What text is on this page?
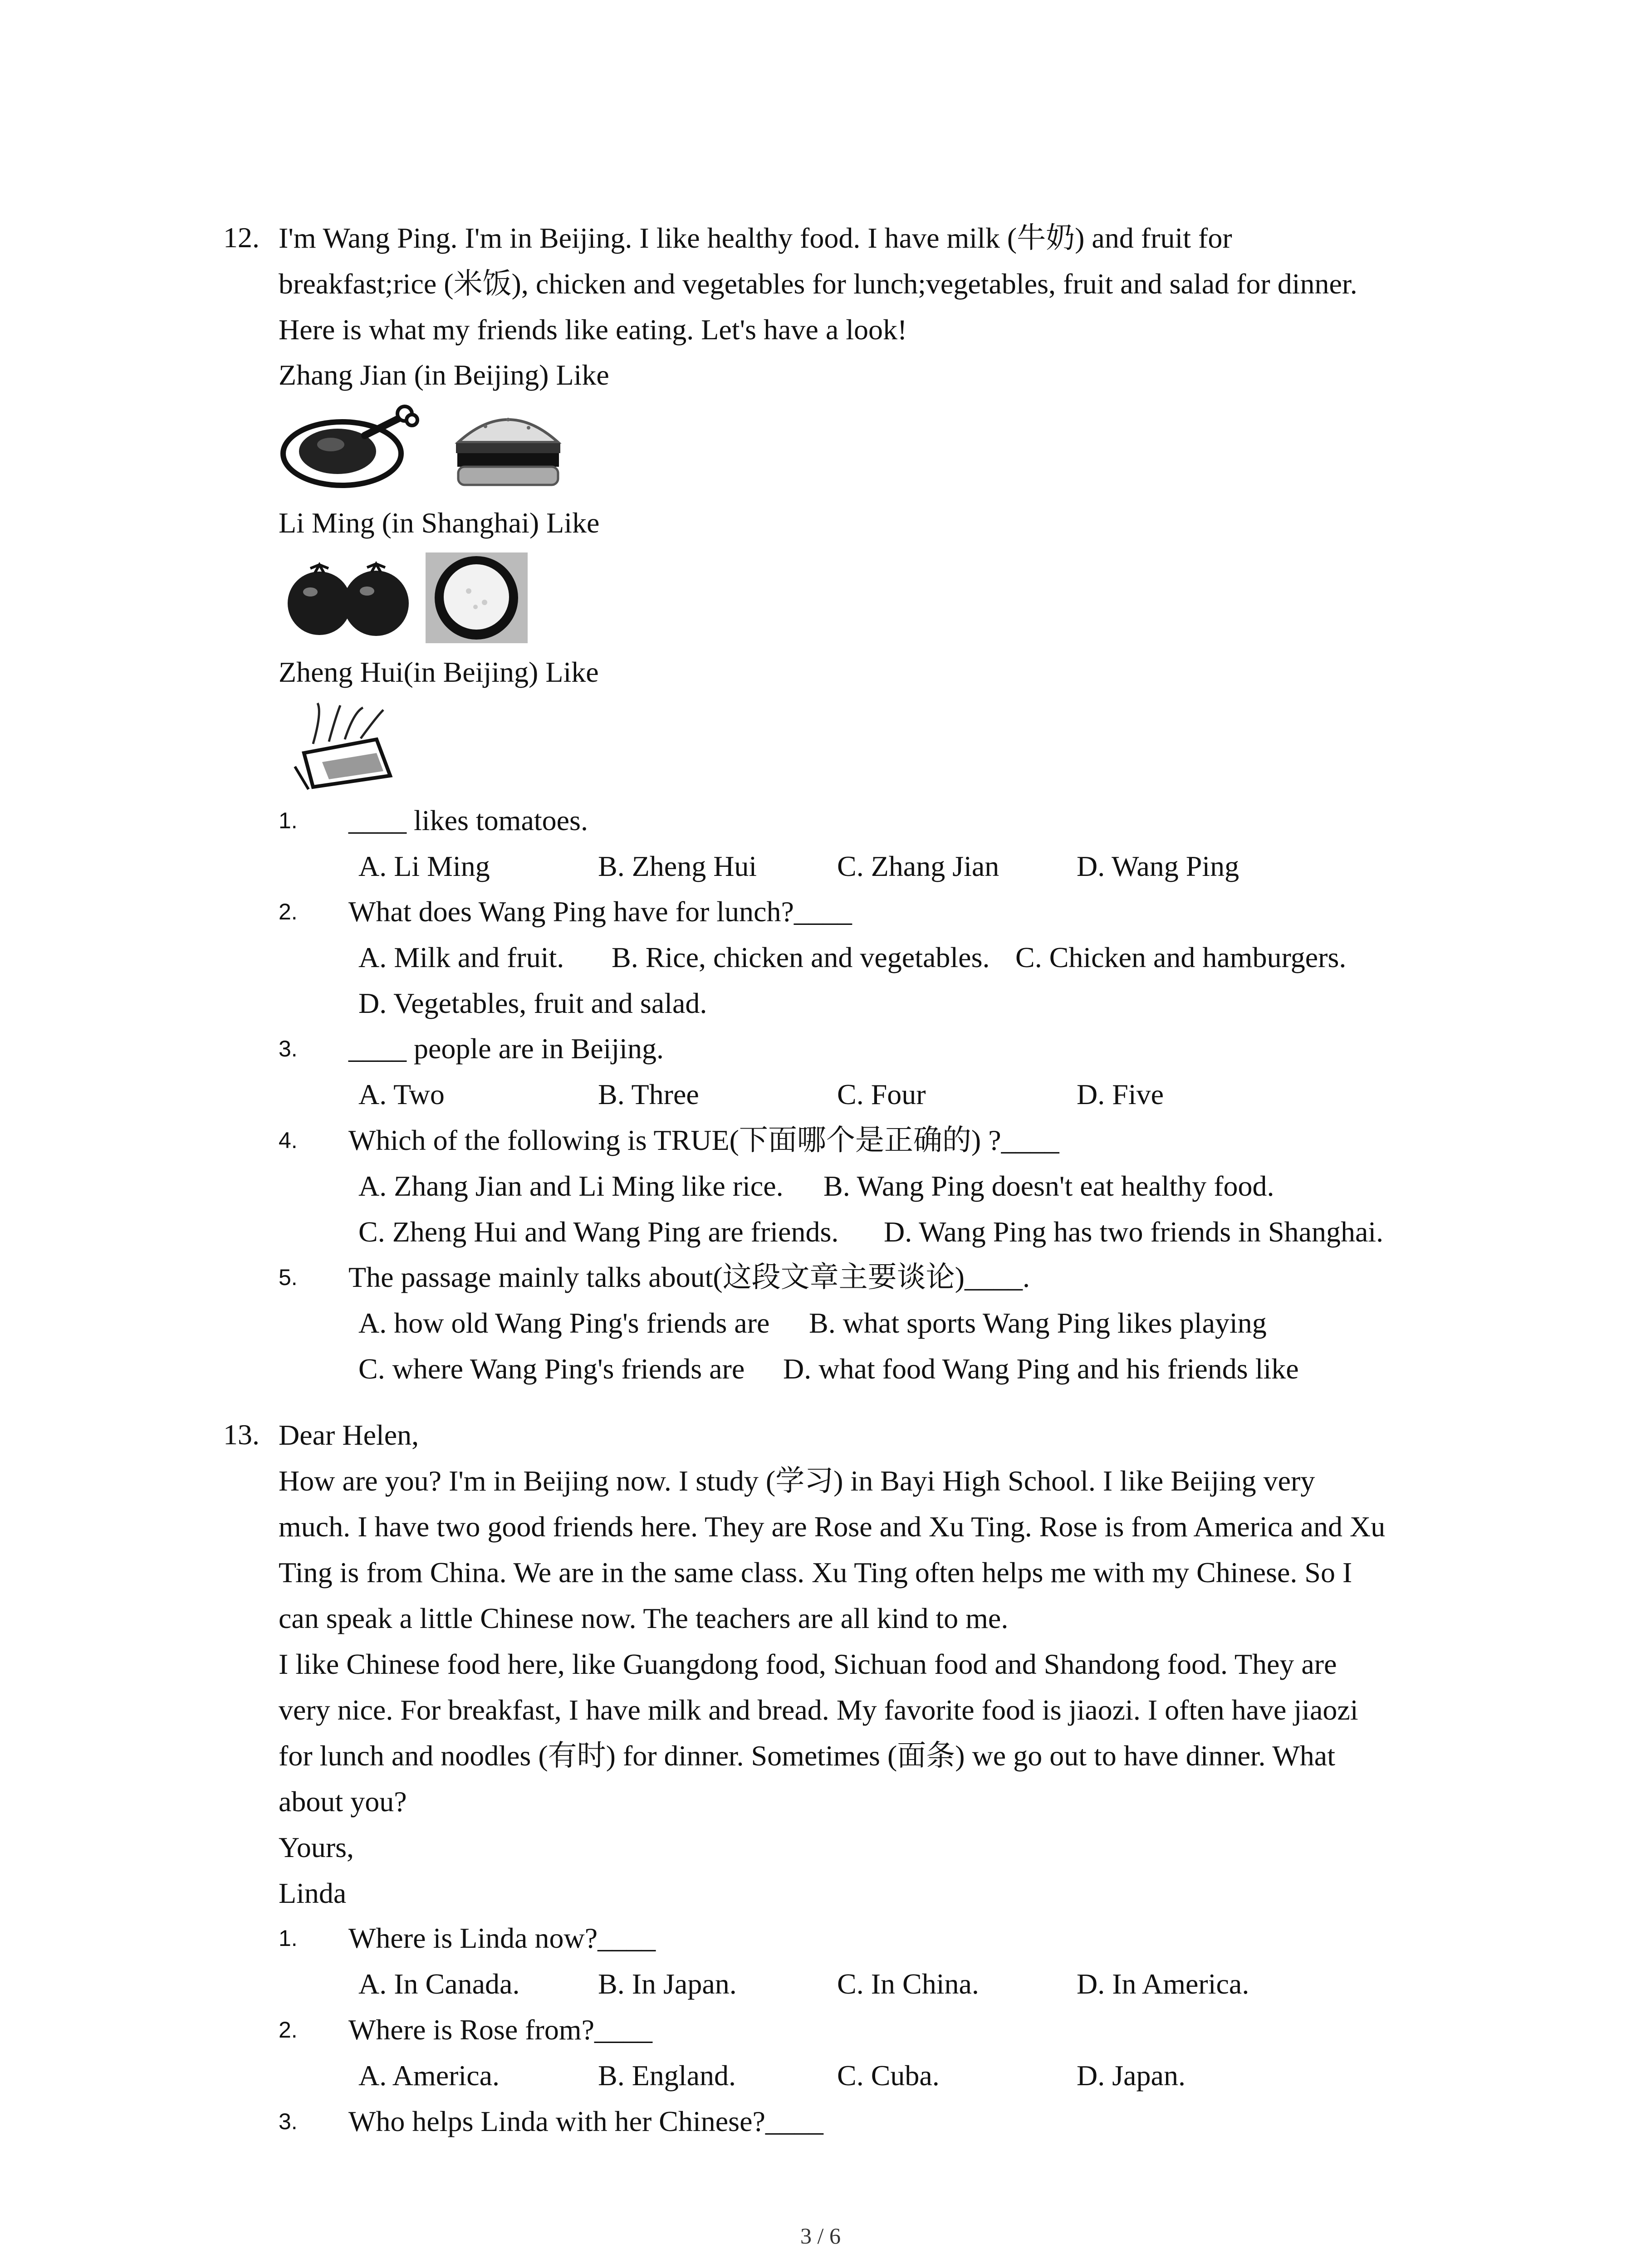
12. I'm Wang Ping. I'm in Beijing. I like healthy food. I have milk (牛奶) and fruit for

breakfast;rice (米饭), chicken and vegetables for lunch;vegetables, fruit and salad for dinner.

Here is what my friends like eating. Let's have a look!

Zhang Jian (in Beijing) Like
Li Ming (in Shanghai) Like
Zheng Hui(in Beijing) Like
1. ____ likes tomatoes.
A. Li Ming	B. Zheng Hui	C. Zhang Jian	D. Wang Ping
2. What does Wang Ping have for lunch?____
A. Milk and fruit. B. Rice, chicken and vegetables. C. Chicken and hamburgers.
D. Vegetables, fruit and salad.
3. ____ people are in Beijing.
A. Two	B. Three	C. Four	D. Five
4. Which of the following is TRUE(下面哪个是正确的) ?____
A. Zhang Jian and Li Ming like rice. B. Wang Ping doesn't eat healthy food.
C. Zheng Hui and Wang Ping are friends. D. Wang Ping has two friends in Shanghai.
5. The passage mainly talks about(这段文章主要谈论)____.
A. how old Wang Ping's friends are B. what sports Wang Ping likes playing
C. where Wang Ping's friends are D. what food Wang Ping and his friends like
13. Dear Helen,

How are you? I'm in Beijing now. I study (学习) in Bayi High School. I like Beijing very

much. I have two good friends here. They are Rose and Xu Ting. Rose is from America and Xu

Ting is from China. We are in the same class. Xu Ting often helps me with my Chinese. So I

can speak a little Chinese now. The teachers are all kind to me.

I like Chinese food here, like Guangdong food, Sichuan food and Shandong food. They are

very nice. For breakfast, I have milk and bread. My favorite food is jiaozi. I often have jiaozi

for lunch and noodles (有时) for dinner. Sometimes (面条) we go out to have dinner. What

about you?

Yours,

Linda

1. Where is Linda now?____
A. In Canada.	B. In Japan.	C. In China.	D. In America.
2. Where is Rose from?____
A. America.	B. England.	C. Cuba.	D. Japan.
3. Who helps Linda with her Chinese?____
3 / 6
